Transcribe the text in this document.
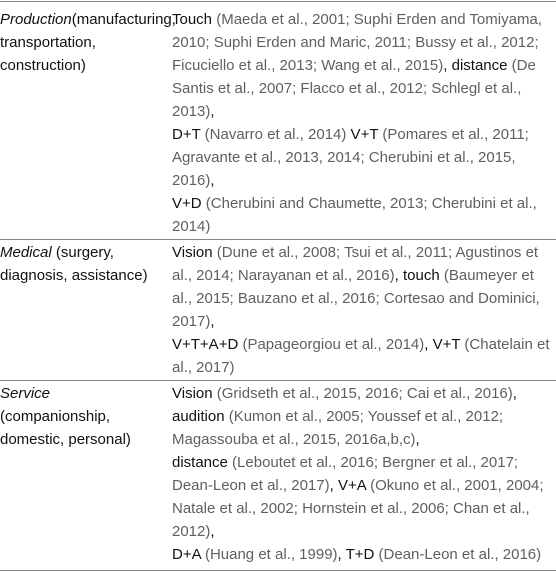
Production(manufacturing, transportation, construction)
Touch (Maeda et al., 2001; Suphi Erden and Tomiyama, 2010; Suphi Erden and Maric, 2011; Bussy et al., 2012; Ficuciello et al., 2013; Wang et al., 2015), distance (De Santis et al., 2007; Flacco et al., 2012; Schlegl et al., 2013),
D+T (Navarro et al., 2014) V+T (Pomares et al., 2011; Agravante et al., 2013, 2014; Cherubini et al., 2015, 2016),
V+D (Cherubini and Chaumette, 2013; Cherubini et al., 2014)
Medical (surgery, diagnosis, assistance)
Vision (Dune et al., 2008; Tsui et al., 2011; Agustinos et al., 2014; Narayanan et al., 2016), touch (Baumeyer et al., 2015; Bauzano et al., 2016; Cortesao and Dominici, 2017),
V+T+A+D (Papageorgiou et al., 2014), V+T (Chatelain et al., 2017)
Service (companionship, domestic, personal)
Vision (Gridseth et al., 2015, 2016; Cai et al., 2016), audition (Kumon et al., 2005; Youssef et al., 2012; Magassouba et al., 2015, 2016a,b,c),
distance (Leboutet et al., 2016; Bergner et al., 2017; Dean-Leon et al., 2017), V+A (Okuno et al., 2001, 2004; Natale et al., 2002; Hornstein et al., 2006; Chan et al., 2012),
D+A (Huang et al., 1999), T+D (Dean-Leon et al., 2016)
